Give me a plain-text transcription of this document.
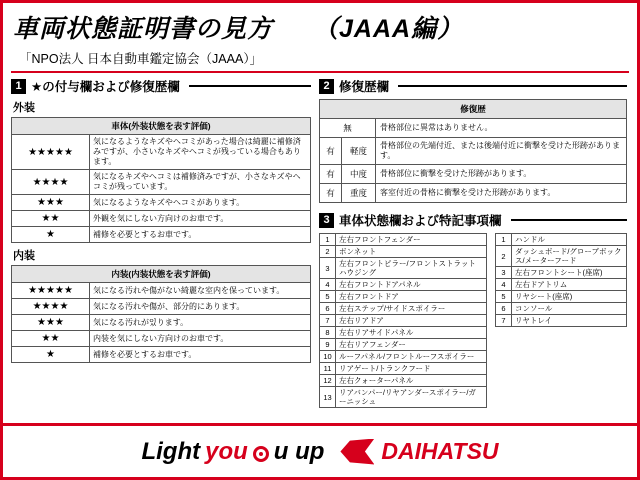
車両状態証明書の見方 （JAAA編）
「NPO法人 日本自動車鑑定協会（JAAA）」
1 ★の付与欄および修復歴欄
外装
車体(外装状態を表す評価)	
★★★★★	気になるようなキズやヘコミがあった場合は綺麗に補修済みですが、小さいなキズやヘコミが残っている場合もあります。
★★★★	気になるキズやヘコミは補修済みですが、小さなキズやヘコミが残っています。
★★★	気になるようなキズやヘコミがあります。
★★	外観を気にしない方向けのお車です。
★	補修を必要とするお車です。
内装
内装(内装状態を表す評価)	
★★★★★	気になる汚れや傷がない綺麗な室内を保っています。
★★★★	気になる汚れや傷が、部分的にあります。
★★★	気になる汚れが있ります。
★★	内装を気にしない方向けのお車です。
★	補修を必要とするお車です。
2 修復歴欄
修復歴		
無		骨格部位に異常はありません。
有	軽度	骨格部位の先端付近、または後端付近に衝撃を受けた形跡があります。
有	中度	骨格部位に衝撃を受けた形跡があります。
有	重度	客室付近の骨格に衝撃を受けた形跡があります。
3 車体状態欄および特記事項欄
1	左右フロントフェンダー
2	ボンネット
3	左右フロントピラー/フロントストラットハウジング
4	左右フロントドアパネル
5	左右フロントドア
6	左右ステップ/サイドスポイラー
7	左右リアドア
8	左右リアサイドパネル
9	左右リアフェンダー
10	ルーフパネル/フロントルーフスポイラー
11	リアゲート/トランクフード
12	左右クォーターパネル
13	リアバンパー/リヤアンダースポイラー/ガーニッシュ
1	ハンドル
2	ダッシュボード/グローブボックス/メーターフード
3	左右フロントシート(座席)
4	左右ドアトリム
5	リヤシート(座席)
6	コンソール
7	リヤトレイ
Light you u up DAIHATSU
